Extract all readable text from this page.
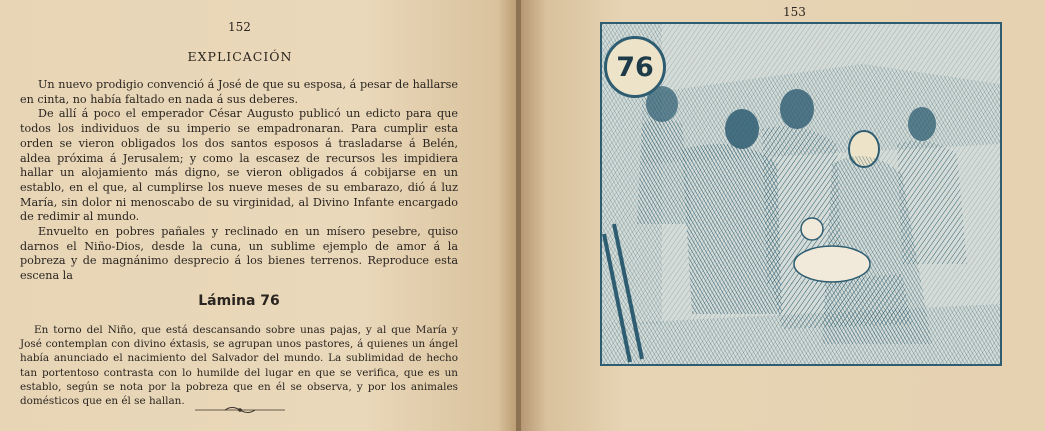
152
EXPLICACIÓN

Un nuevo prodigio convenció á José de que su esposa, á pesar de hallarse en cinta, no había faltado en nada á sus deberes.

De allí á poco el emperador César Augusto publicó un edicto para que todos los individuos de su imperio se empadronaran. Para cumplir esta orden se vieron obligados los dos santos esposos á trasladarse á Belén, aldea próxima á Jerusalem; y como la escasez de recursos les impidiera hallar un alojamiento más digno, se vieron obligados á cobijarse en un establo, en el que, al cumplirse los nueve meses de su embarazo, dió á luz María, sin dolor ni menoscabo de su virginidad, al Divino Infante encargado de redimir al mundo.

Envuelto en pobres pañales y reclinado en un mísero pesebre, quiso darnos el Niño-Dios, desde la cuna, un sublime ejemplo de amor á la pobreza y de magnánimo desprecio á los bienes terrenos. Reproduce esta escena la

Lámina 76

En torno del Niño, que está descansando sobre unas pajas, y al que María y José contemplan con divino éxtasis, se agrupan unos pastores, á quienes un ángel había anunciado el nacimiento del Salvador del mundo. La sublimidad de hecho tan portentoso contrasta con lo humilde del lugar en que se verifica, que es un establo, según se nota por la pobreza que en él se observa, y por los animales domésticos que en él se hallan.

153
76
